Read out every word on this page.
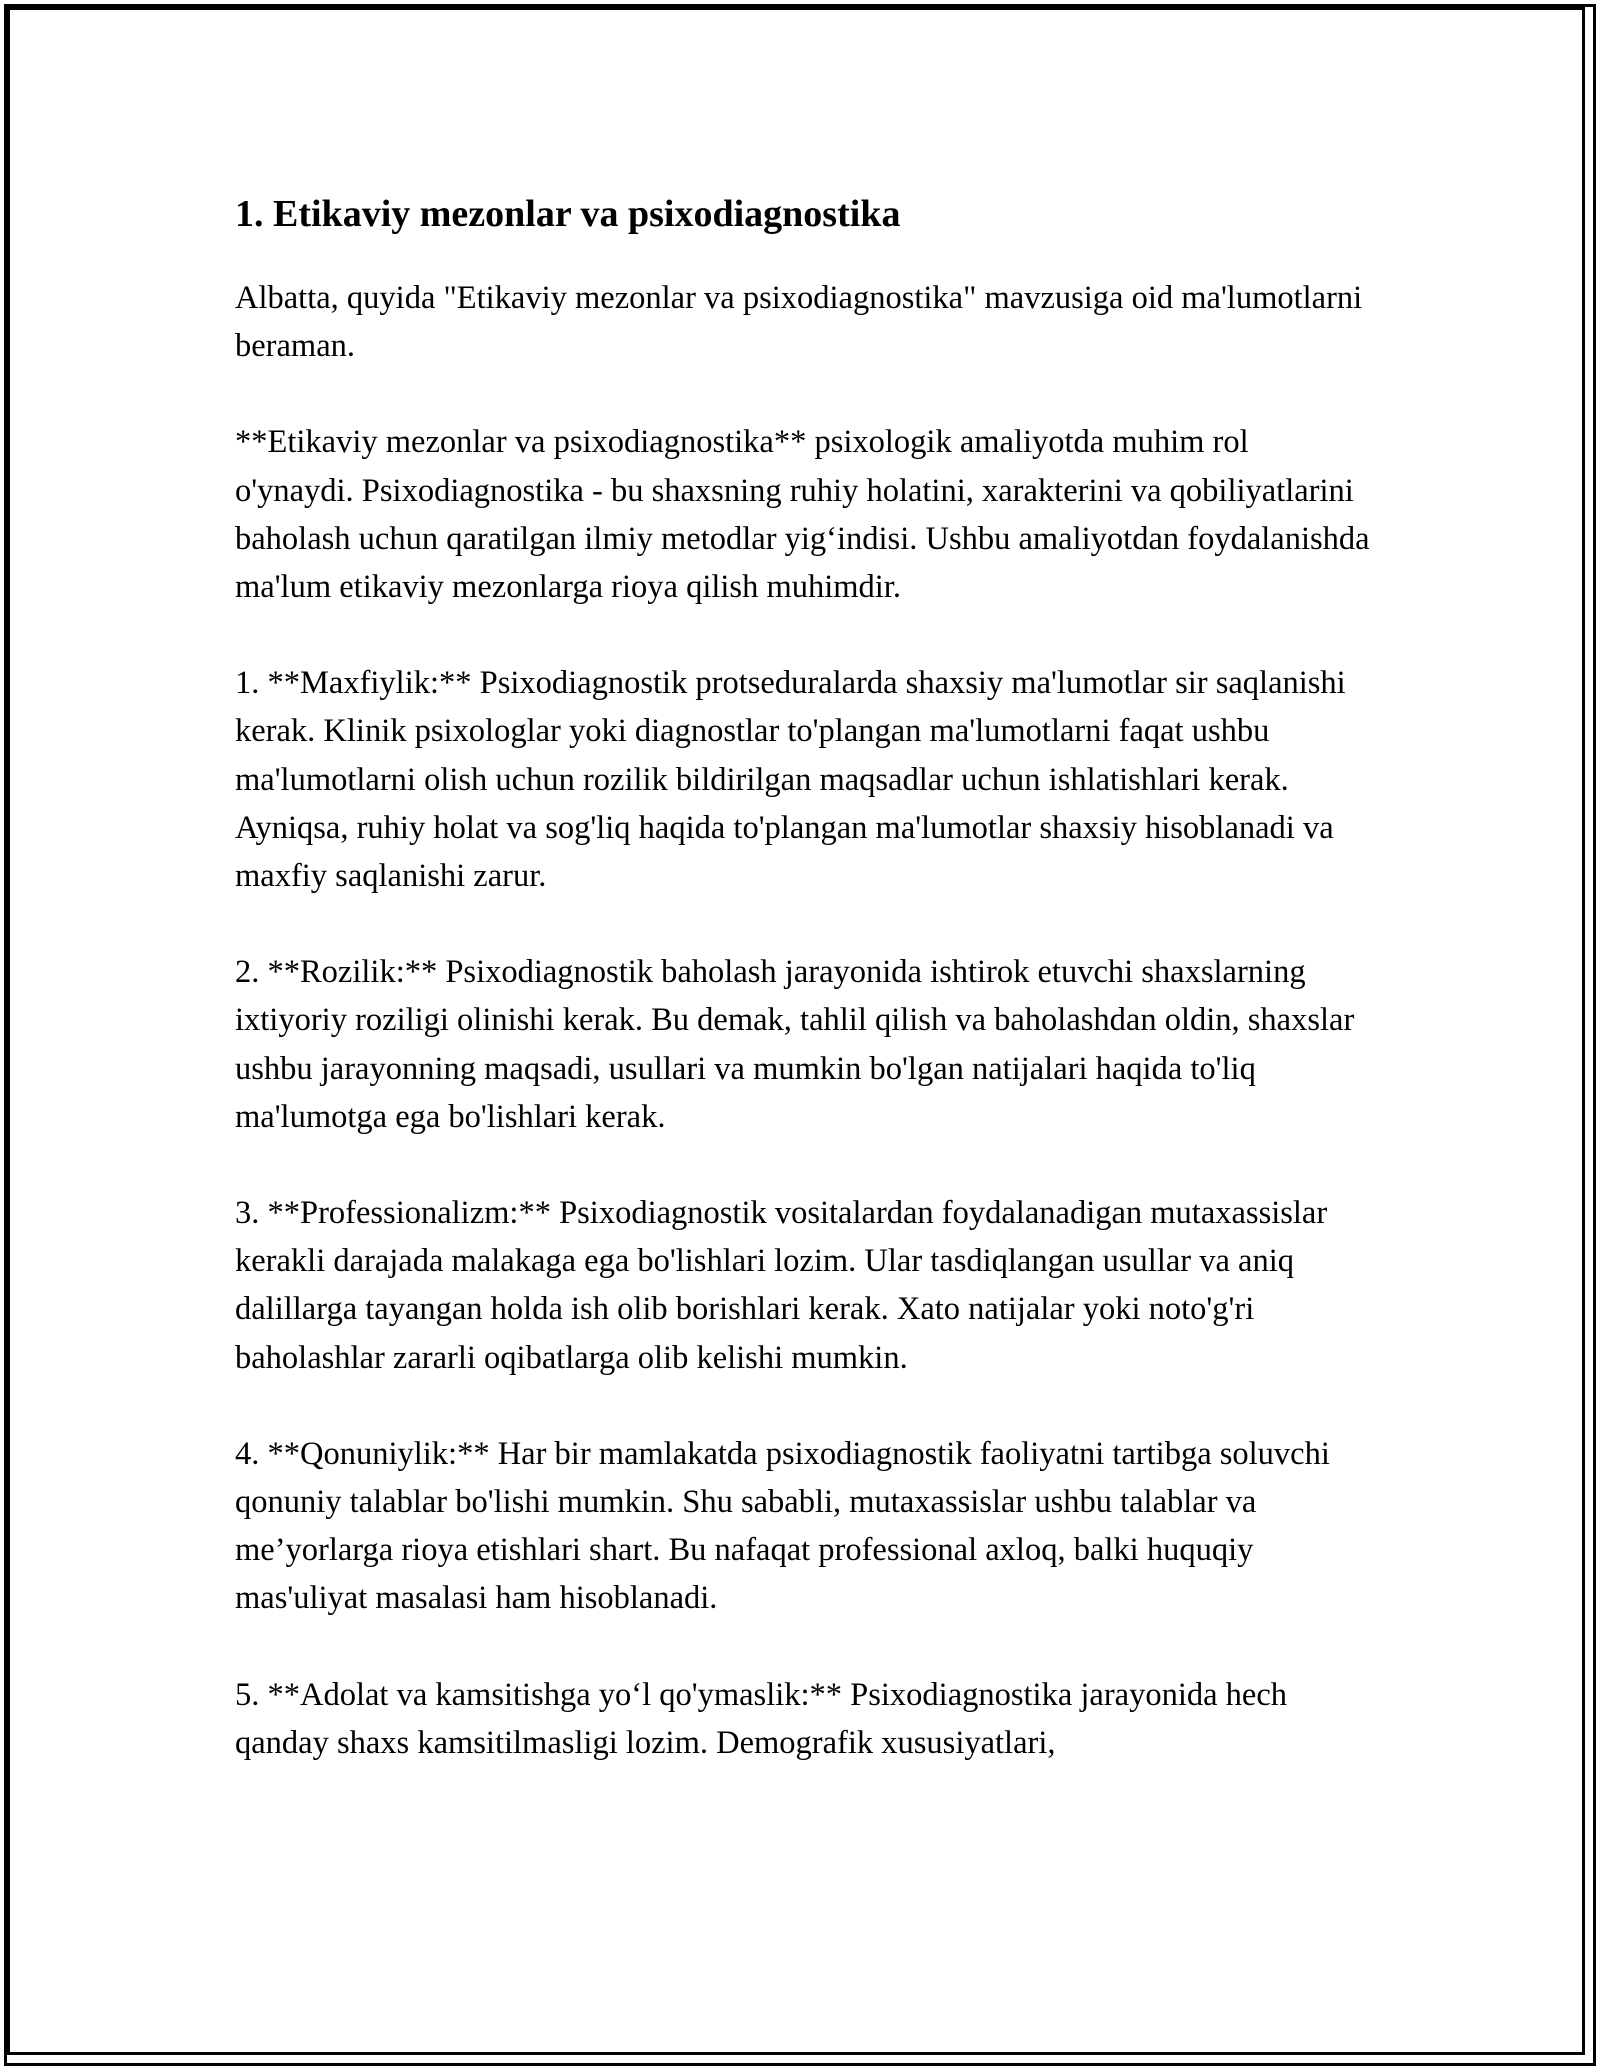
1. Etikaviy mezonlar va psixodiagnostika

Albatta, quyida "Etikaviy mezonlar va psixodiagnostika" mavzusiga oid ma'lumotlarni beraman.

**Etikaviy mezonlar va psixodiagnostika** psixologik amaliyotda muhim rol o'ynaydi. Psixodiagnostika - bu shaxsning ruhiy holatini, xarakterini va qobiliyatlarini baholash uchun qaratilgan ilmiy metodlar yig‘indisi. Ushbu amaliyotdan foydalanishda ma'lum etikaviy mezonlarga rioya qilish muhimdir.

1. **Maxfiylik:** Psixodiagnostik protseduralarda shaxsiy ma'lumotlar sir saqlanishi kerak. Klinik psixologlar yoki diagnostlar to'plangan ma'lumotlarni faqat ushbu ma'lumotlarni olish uchun rozilik bildirilgan maqsadlar uchun ishlatishlari kerak. Ayniqsa, ruhiy holat va sog'liq haqida to'plangan ma'lumotlar shaxsiy hisoblanadi va maxfiy saqlanishi zarur.

2. **Rozilik:** Psixodiagnostik baholash jarayonida ishtirok etuvchi shaxslarning ixtiyoriy roziligi olinishi kerak. Bu demak, tahlil qilish va baholashdan oldin, shaxslar ushbu jarayonning maqsadi, usullari va mumkin bo'lgan natijalari haqida to'liq ma'lumotga ega bo'lishlari kerak.

3. **Professionalizm:** Psixodiagnostik vositalardan foydalanadigan mutaxassislar kerakli darajada malakaga ega bo'lishlari lozim. Ular tasdiqlangan usullar va aniq dalillarga tayangan holda ish olib borishlari kerak. Xato natijalar yoki noto'g'ri baholashlar zararli oqibatlarga olib kelishi mumkin.

4. **Qonuniylik:** Har bir mamlakatda psixodiagnostik faoliyatni tartibga soluvchi qonuniy talablar bo'lishi mumkin. Shu sababli, mutaxassislar ushbu talablar va me’yorlarga rioya etishlari shart. Bu nafaqat professional axloq, balki huquqiy mas'uliyat masalasi ham hisoblanadi.

5. **Adolat va kamsitishga yo‘l qo'ymaslik:** Psixodiagnostika jarayonida hech qanday shaxs kamsitilmasligi lozim. Demografik xususiyatlari,
